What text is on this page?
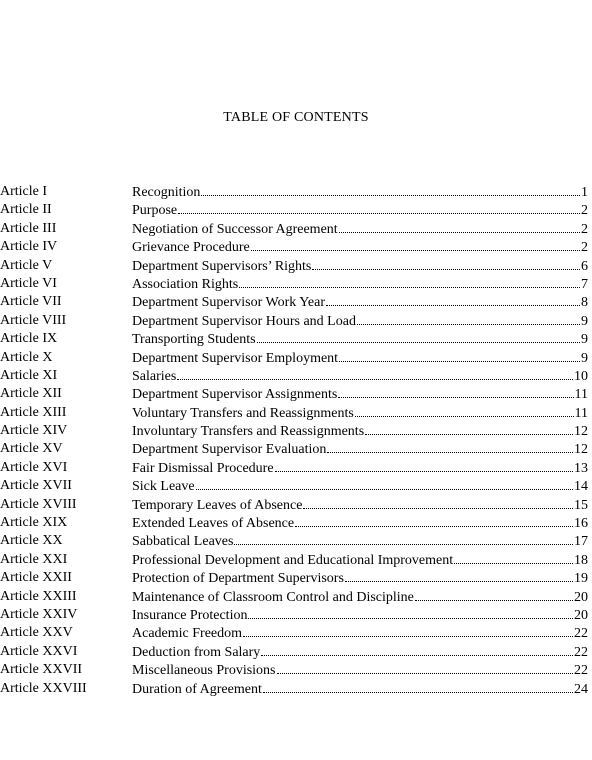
TABLE OF CONTENTS
Article I	Recognition	1
Article II	Purpose	2
Article III	Negotiation of Successor Agreement	2
Article IV	Grievance Procedure	2
Article V	Department Supervisors’ Rights	6
Article VI	Association Rights	7
Article VII	Department Supervisor Work Year	8
Article VIII	Department Supervisor Hours and Load	9
Article IX	Transporting Students	9
Article X	Department Supervisor Employment	9
Article XI	Salaries	10
Article XII	Department Supervisor Assignments	11
Article XIII	Voluntary Transfers and Reassignments	11
Article XIV	Involuntary Transfers and Reassignments	12
Article XV	Department Supervisor Evaluation	12
Article XVI	Fair Dismissal Procedure	13
Article XVII	Sick Leave	14
Article XVIII	Temporary Leaves of Absence	15
Article XIX	Extended Leaves of Absence	16
Article XX	Sabbatical Leaves	17
Article XXI	Professional Development and Educational Improvement	18
Article XXII	Protection of Department Supervisors	19
Article XXIII	Maintenance of Classroom Control and Discipline	20
Article XXIV	Insurance Protection	20
Article XXV	Academic Freedom	22
Article XXVI	Deduction from Salary	22
Article XXVII	Miscellaneous Provisions	22
Article XXVIII	Duration of Agreement	24
